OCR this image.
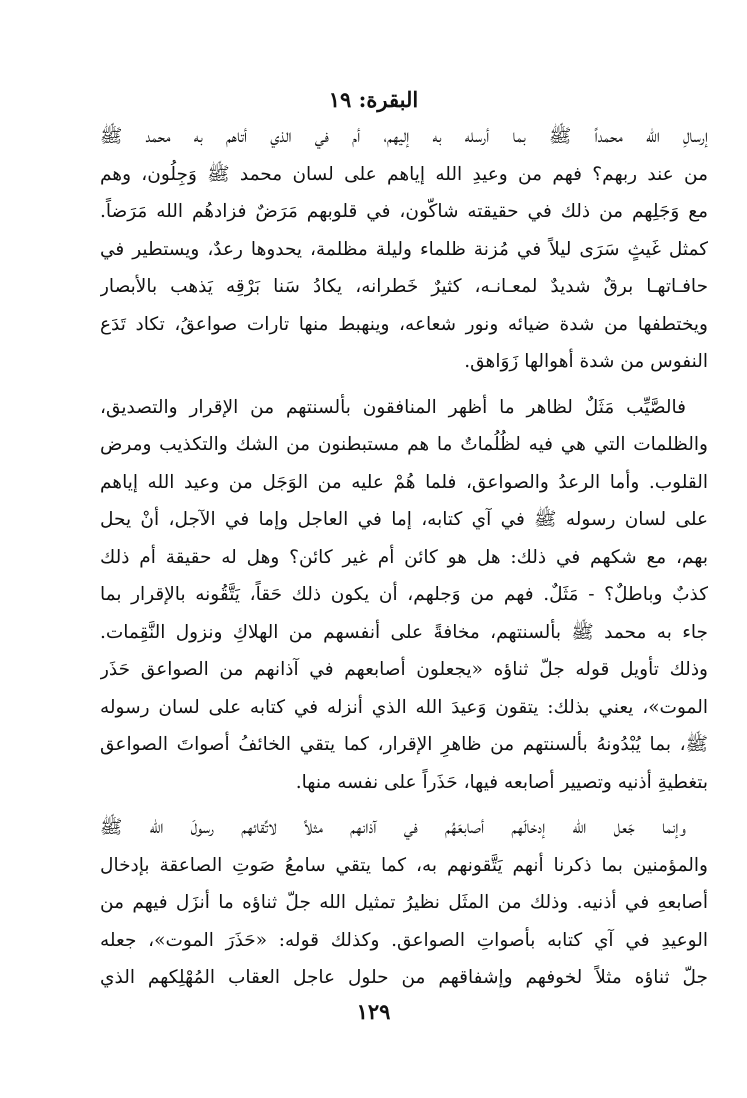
البقرة: ١٩
إرسالِ الله محمداً ﷺ بما أرسله به إليهم، أم في الذي أتاهم به محمد ﷺ
من عند ربهم؟ فهم من وعيدِ الله إياهم على لسان محمد ﷺ وَجِلُون، وهم
مع وَجَلِهم من ذلك في حقيقته شاكّون، في قلوبهم مَرَضٌ فزادهُم الله مَرَضاً.
كمثل غَيثٍ سَرَى ليلاً في مُزنة ظلماء وليلة مظلمة، يحدوها رعدٌ، ويستطير في
حافـاتهـا برقٌ شديدٌ لمعـانـه، كثيرٌ خَطرانه، يكادُ سَنا بَرْقِه يَذهب بالأبصار
ويختطفها من شدة ضيائه ونور شعاعه، وينهبط منها تارات صواعقُ، تكاد تَدَع
النفوس من شدة أهوالها زَوَاهق.
فالصَّيِّب مَثَلٌ لظاهر ما أظهر المنافقون بألسنتهم من الإقرار والتصديق،
والظلمات التي هي فيه لظُلُماتٌ ما هم مستبطنون من الشك والتكذيب ومرض
القلوب. وأما الرعدُ والصواعق، فلما هُمْ عليه من الوَجَل من وعيد الله إياهم
على لسان رسوله ﷺ في آي كتابه، إما في العاجل وإما في الآجل، أنْ يحل
بهم، مع شكهم في ذلك: هل هو كائن أم غير كائن؟ وهل له حقيقة أم ذلك
كذبٌ وباطلٌ؟ - مَثَلٌ. فهم من وَجلهم، أن يكون ذلك حَقاً، يَتَّقُونه بالإقرار بما
جاء به محمد ﷺ بألسنتهم، مخافةً على أنفسهم من الهلاكِ ونزول النَّقِمات.
وذلك تأويل قوله جلّ ثناؤه «يجعلون أصابعهم في آذانهم من الصواعق حَذَر
الموت»، يعني بذلك: يتقون وَعيدَ الله الذي أنزله في كتابه على لسان رسوله
ﷺ، بما يُبْدُونهُ بألسنتهم من ظاهرِ الإقرار، كما يتقي الخائفُ أصواتَ الصواعق
بتغطيةِ أذنيه وتصيير أصابعه فيها، حَذَراً على نفسه منها.
وإنما جَعل الله إدخالَهم أصابعَهُم في آذانهم مثلاً لاتِّقائهم رسولَ الله ﷺ
والمؤمنين بما ذكرنا أنهم يَتَّقونهم به، كما يتقي سامعُ صَوتِ الصاعقة بإدخال
أصابعهِ في أذنيه. وذلك من المثَل نظيرُ تمثيل الله جلّ ثناؤه ما أنزَل فيهم من
الوعيدِ في آي كتابه بأصواتِ الصواعق. وكذلك قوله: «حَذَرَ الموت»، جعله
جلّ ثناؤه مثلاً لخوفهم وإشفاقهم من حلول عاجل العقاب المُهْلِكهم الذي
١٢٩
